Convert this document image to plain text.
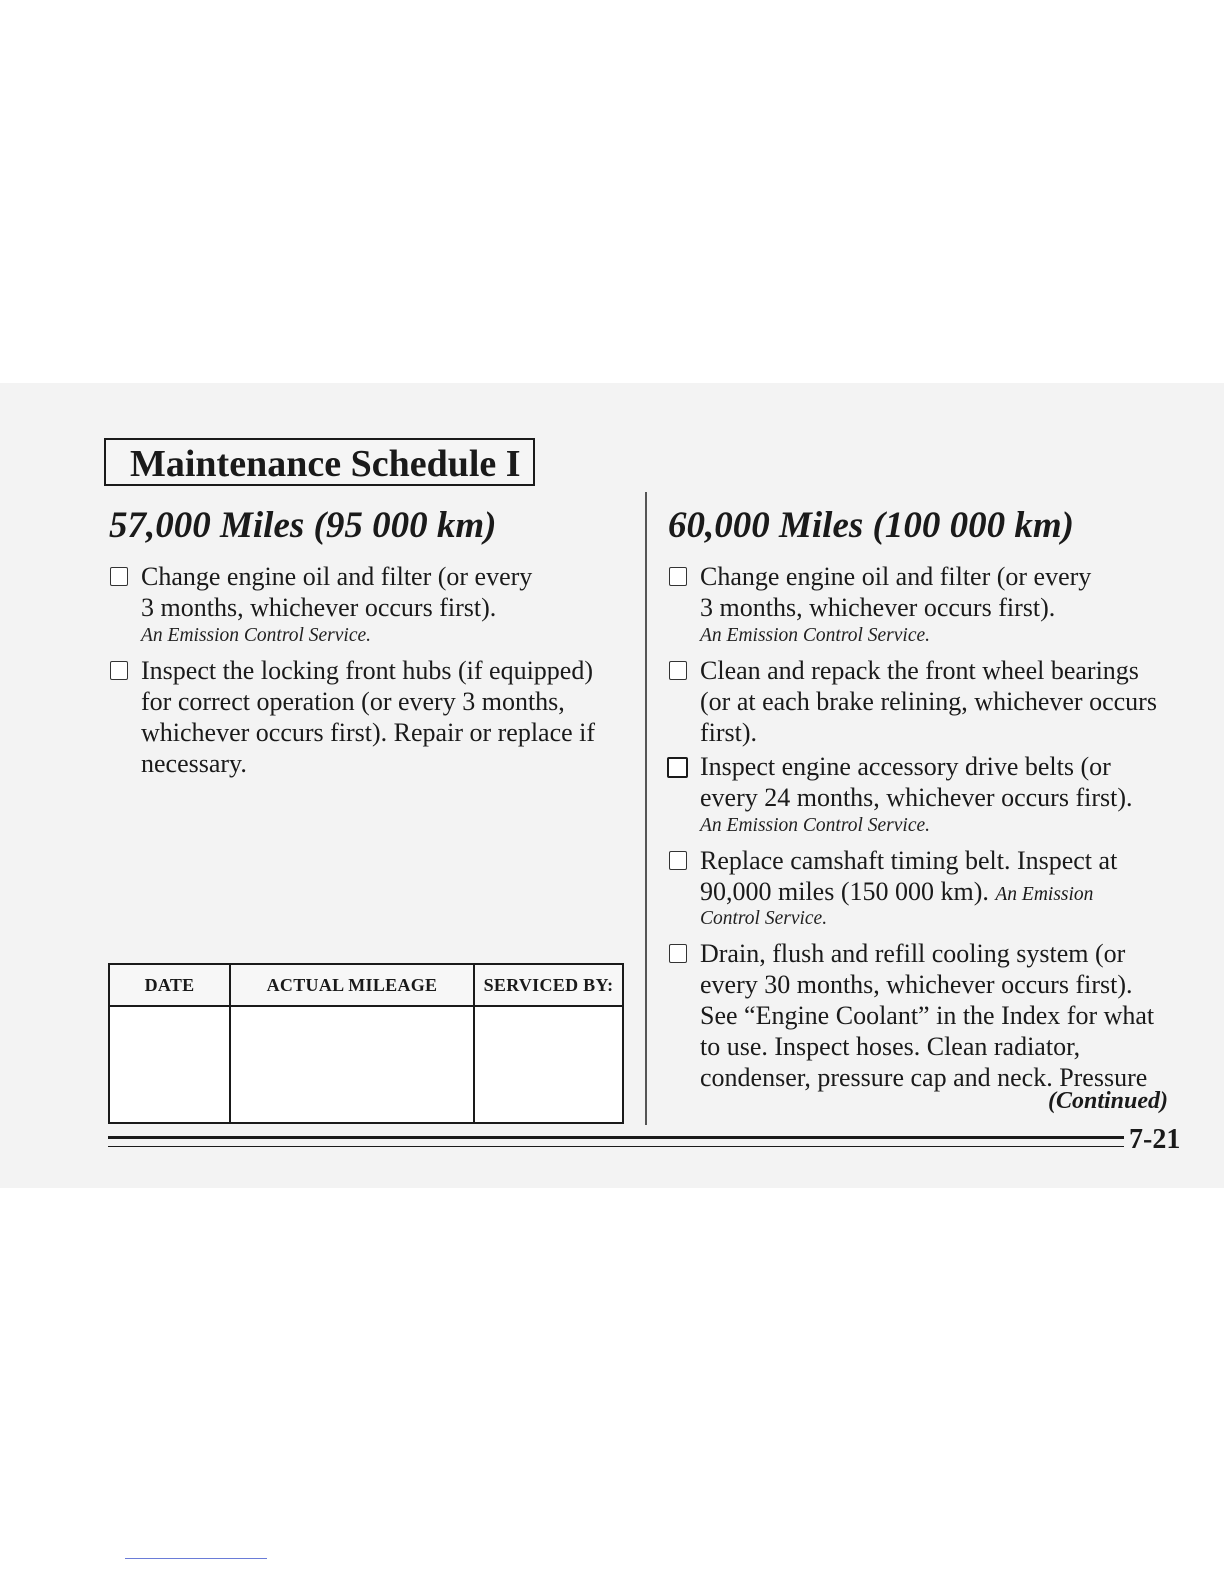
Maintenance Schedule I
57,000 Miles (95 000 km)
Change engine oil and filter (or every
3 months, whichever occurs first).
An Emission Control Service.
Inspect the locking front hubs (if equipped)
for correct operation (or every 3 months,
whichever occurs first). Repair or replace if
necessary.
DATE	ACTUAL MILEAGE	SERVICED BY:

60,000 Miles (100 000 km)
Change engine oil and filter (or every
3 months, whichever occurs first).
An Emission Control Service.
Clean and repack the front wheel bearings
(or at each brake relining, whichever occurs
first).
Inspect engine accessory drive belts (or
every 24 months, whichever occurs first).
An Emission Control Service.
Replace camshaft timing belt. Inspect at
90,000 miles (150 000 km). An Emission
Control Service.
Drain, flush and refill cooling system (or
every 30 months, whichever occurs first).
See “Engine Coolant” in the Index for what
to use. Inspect hoses. Clean radiator,
condenser, pressure cap and neck. Pressure
(Continued)
7-21
